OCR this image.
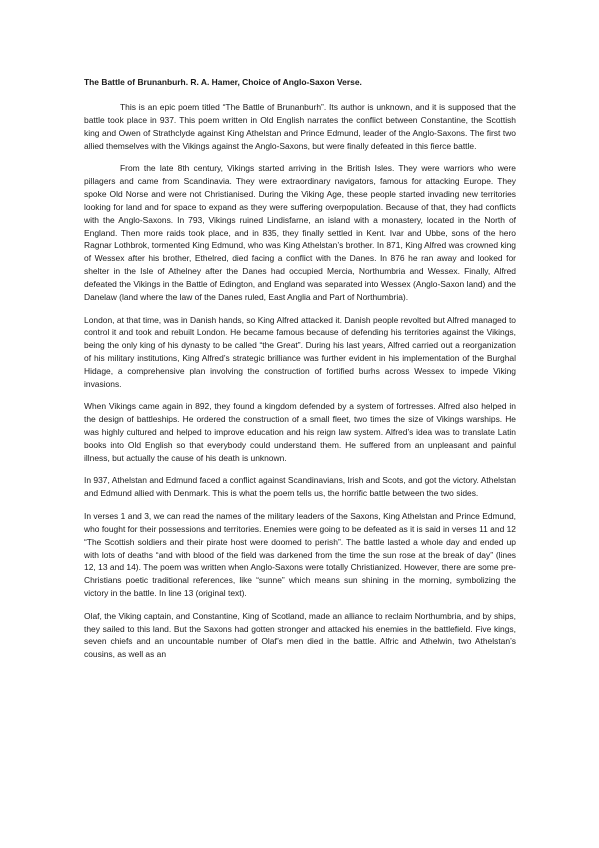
The Battle of Brunanburh. R. A. Hamer, Choice of Anglo-Saxon Verse.

This is an epic poem titled “The Battle of Brunanburh”. Its author is unknown, and it is supposed that the battle took place in 937. This poem written in Old English narrates the conflict between Constantine, the Scottish king and Owen of Strathclyde against King Athelstan and Prince Edmund, leader of the Anglo-Saxons. The first two allied themselves with the Vikings against the Anglo-Saxons, but were finally defeated in this fierce battle.

From the late 8th century, Vikings started arriving in the British Isles. They were warriors who were pillagers and came from Scandinavia. They were extraordinary navigators, famous for attacking Europe. They spoke Old Norse and were not Christianised. During the Viking Age, these people started invading new territories looking for land and for space to expand as they were suffering overpopulation. Because of that, they had conflicts with the Anglo-Saxons. In 793, Vikings ruined Lindisfarne, an island with a monastery, located in the North of England. Then more raids took place, and in 835, they finally settled in Kent. Ivar and Ubbe, sons of the hero Ragnar Lothbrok, tormented King Edmund, who was King Athelstan’s brother. In 871, King Alfred was crowned king of Wessex after his brother, Ethelred, died facing a conflict with the Danes. In 876 he ran away and looked for shelter in the Isle of Athelney after the Danes had occupied Mercia, Northumbria and Wessex. Finally, Alfred defeated the Vikings in the Battle of Edington, and England was separated into Wessex (Anglo-Saxon land) and the Danelaw (land where the law of the Danes ruled, East Anglia and Part of Northumbria).

London, at that time, was in Danish hands, so King Alfred attacked it. Danish people revolted but Alfred managed to control it and took and rebuilt London. He became famous because of defending his territories against the Vikings, being the only king of his dynasty to be called “the Great”. During his last years, Alfred carried out a reorganization of his military institutions, King Alfred’s strategic brilliance was further evident in his implementation of the Burghal Hidage, a comprehensive plan involving the construction of fortified burhs across Wessex to impede Viking invasions.

When Vikings came again in 892, they found a kingdom defended by a system of fortresses. Alfred also helped in the design of battleships. He ordered the construction of a small fleet, two times the size of Vikings warships. He was highly cultured and helped to improve education and his reign law system. Alfred’s idea was to translate Latin books into Old English so that everybody could understand them. He suffered from an unpleasant and painful illness, but actually the cause of his death is unknown.

In 937, Athelstan and Edmund faced a conflict against Scandinavians, Irish and Scots, and got the victory. Athelstan and Edmund allied with Denmark. This is what the poem tells us, the horrific battle between the two sides.

In verses 1 and 3, we can read the names of the military leaders of the Saxons, King Athelstan and Prince Edmund, who fought for their possessions and territories. Enemies were going to be defeated as it is said in verses 11 and 12 “The Scottish soldiers and their pirate host were doomed to perish”. The battle lasted a whole day and ended up with lots of deaths “and with blood of the field was darkened from the time the sun rose at the break of day” (lines 12, 13 and 14). The poem was written when Anglo-Saxons were totally Christianized. However, there are some pre- Christians poetic traditional references, like “sunne” which means sun shining in the morning, symbolizing the victory in the battle. In line 13 (original text).

Olaf, the Viking captain, and Constantine, King of Scotland, made an alliance to reclaim Northumbria, and by ships, they sailed to this land. But the Saxons had gotten stronger and attacked his enemies in the battlefield. Five kings, seven chiefs and an uncountable number of Olaf’s men died in the battle. Alfric and Athelwin, two Athelstan’s cousins, as well as an
